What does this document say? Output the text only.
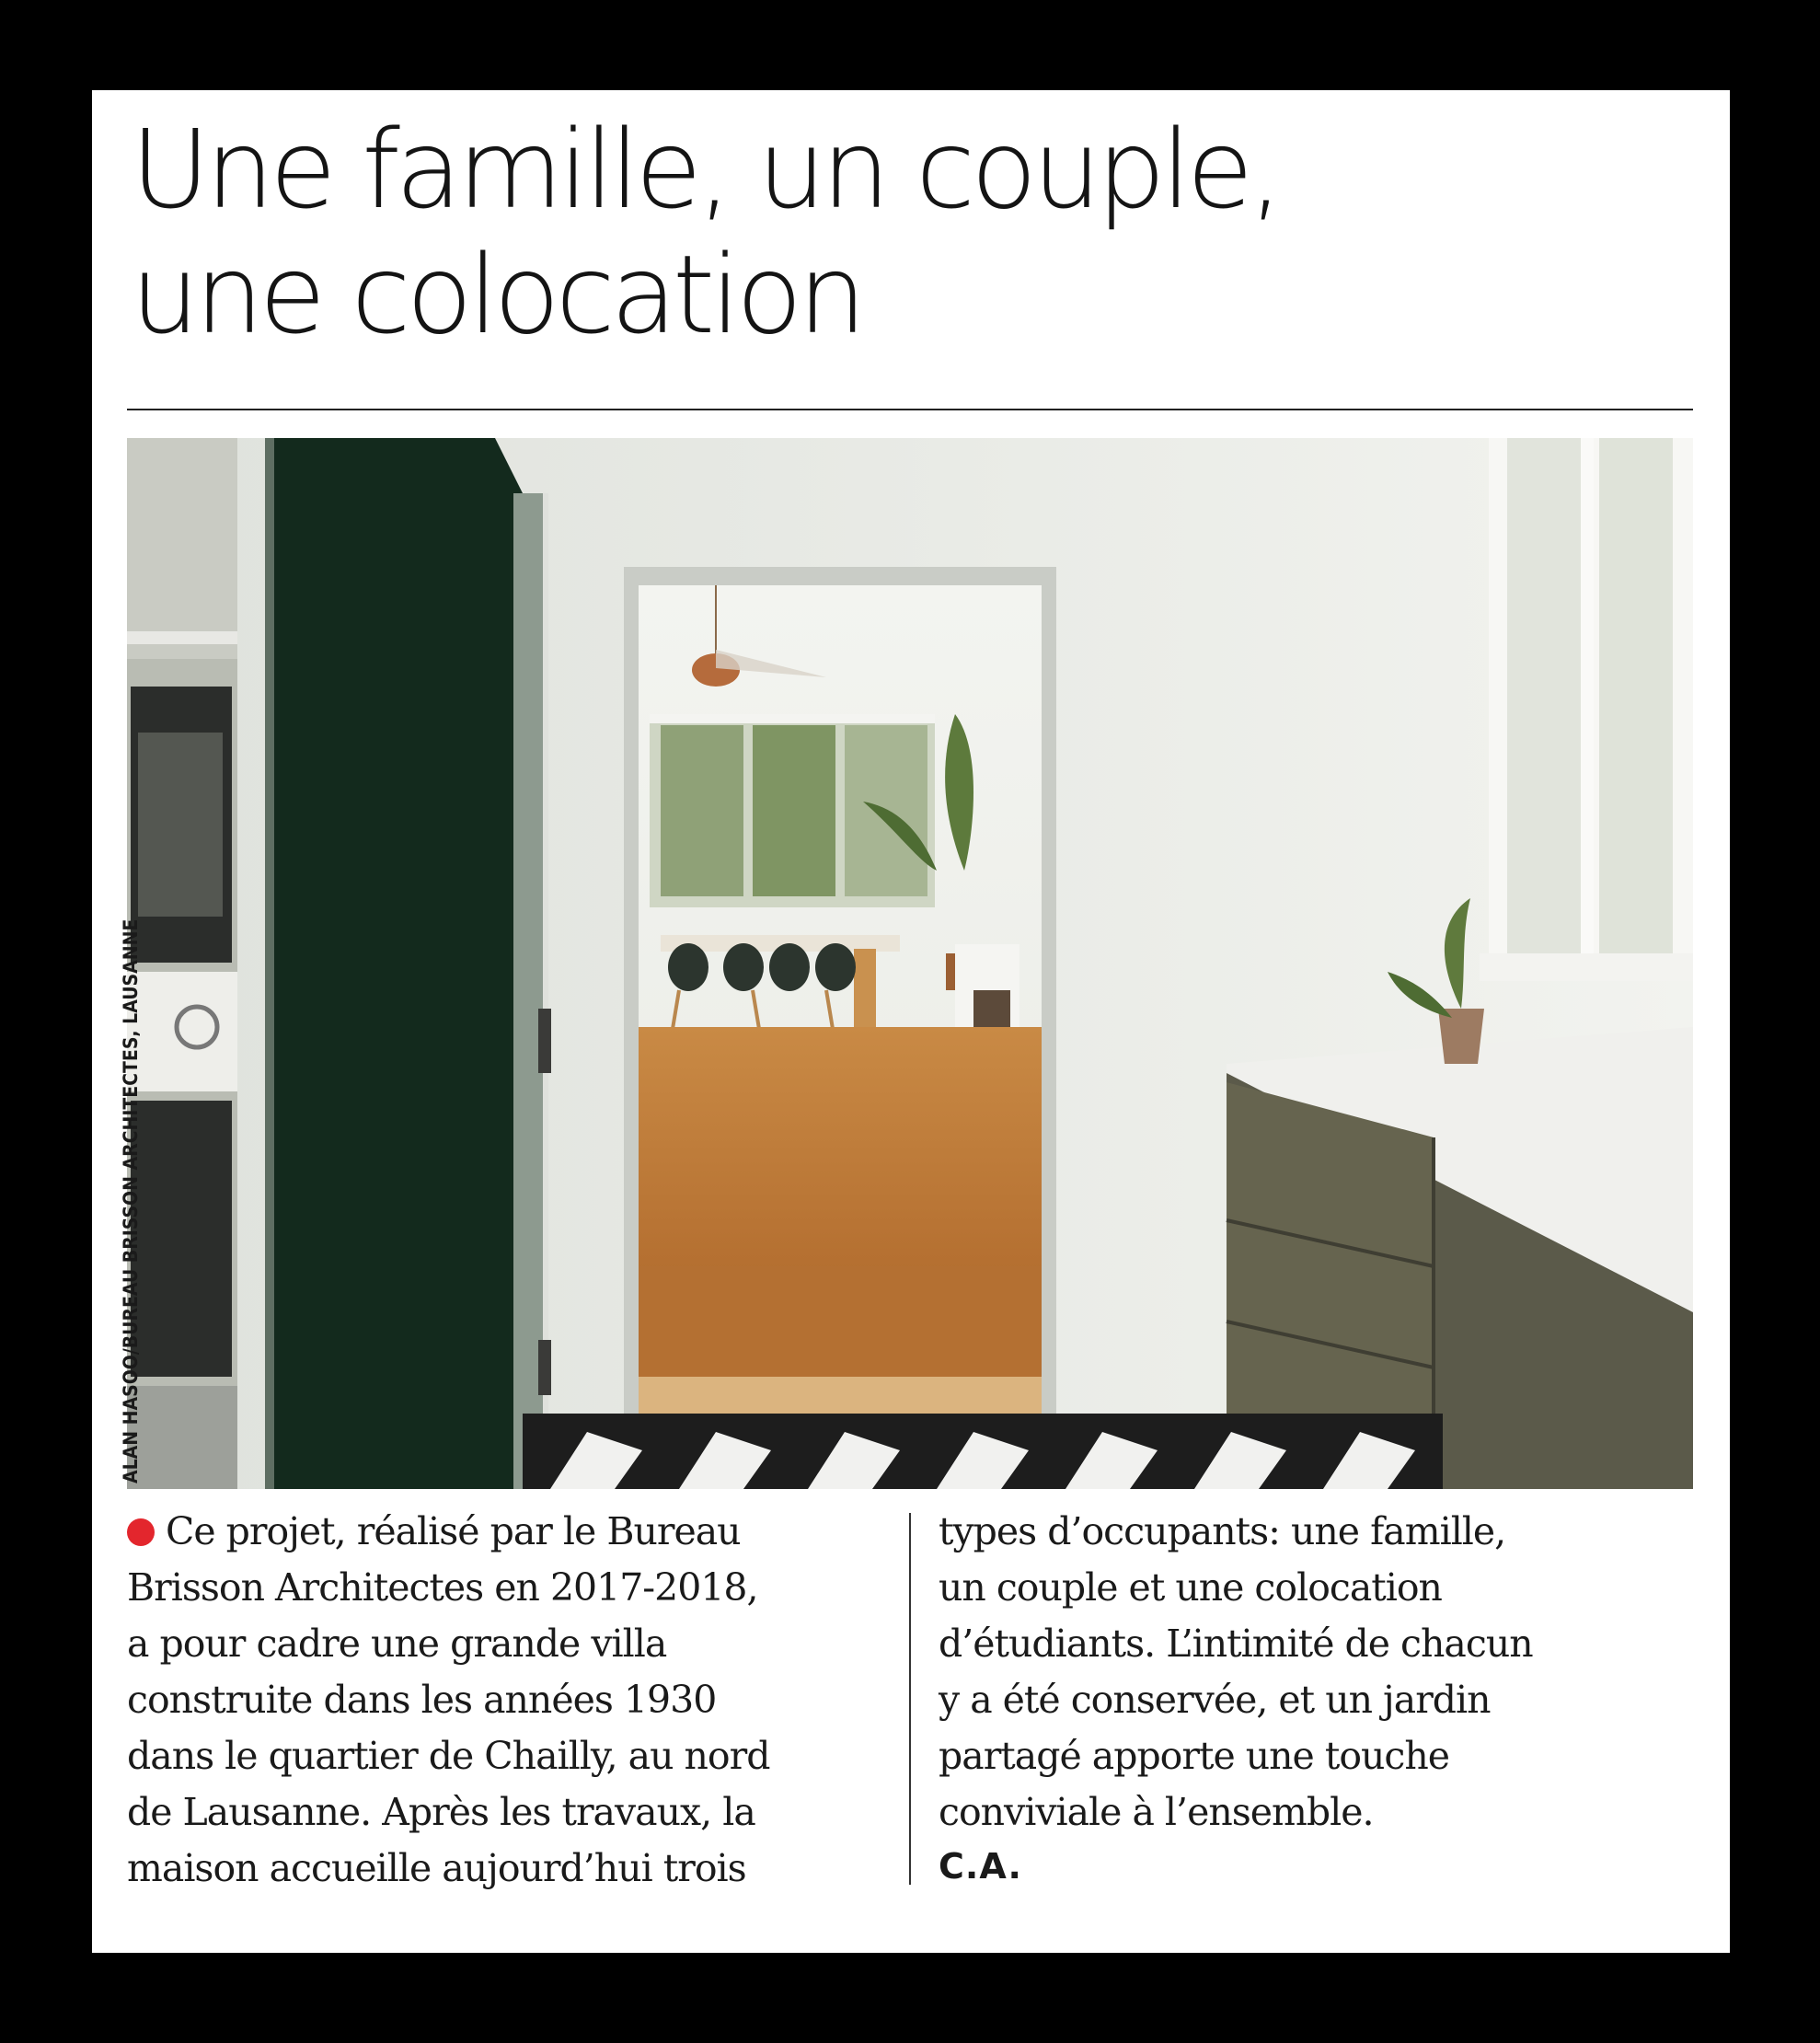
Une famille, un couple,
une colocation
ALAN HASOO/BUREAU BRISSON ARCHITECTES, LAUSANNE
Ce projet, réalisé par le Bureau
Brisson Architectes en 2017-2018,
a pour cadre une grande villa
construite dans les années 1930
dans le quartier de Chailly, au nord
de Lausanne. Après les travaux, la
maison accueille aujourd’hui trois
types d’occupants: une famille,
un couple et une colocation
d’étudiants. L’intimité de chacun
y a été conservée, et un jardin
partagé apporte une touche
conviviale à l’ensemble.
C.A.
